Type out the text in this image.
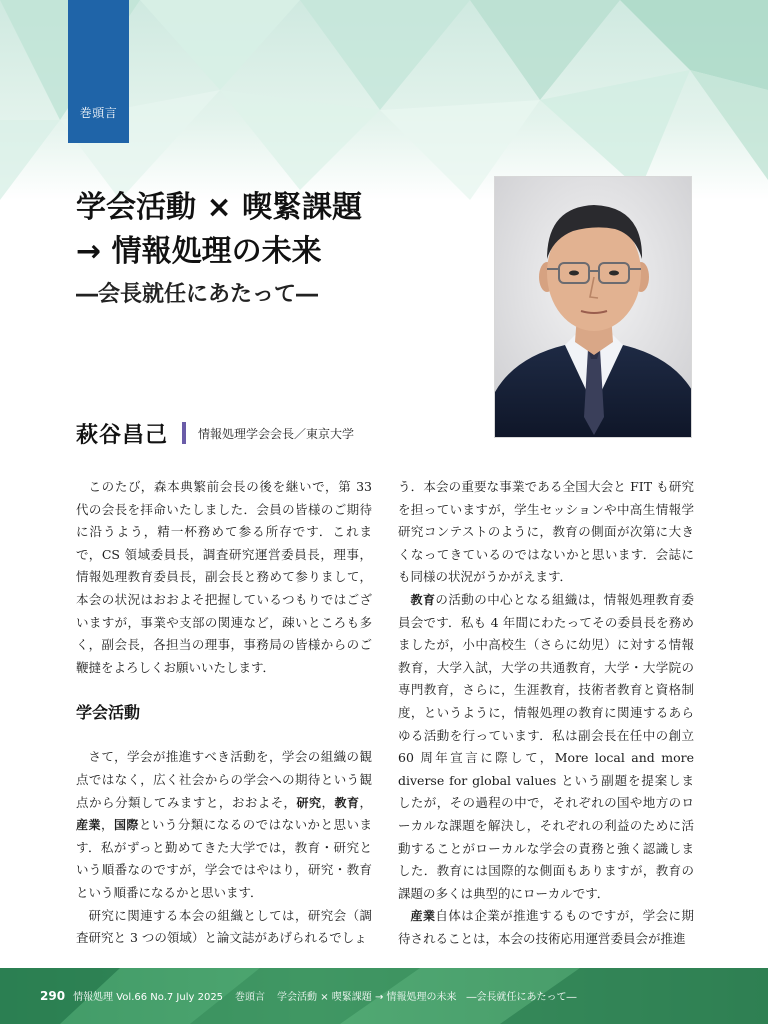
巻頭言
学会活動 × 喫緊課題
→ 情報処理の未来
―会長就任にあたって―
萩谷昌己	情報処理学会会長／東京大学

このたび，森本典繁前会長の後を継いで，第 33 代の会長を拝命いたしました．会員の皆様のご期待に沿うよう，精一杯務めて参る所存です．これまで，CS 領域委員長，調査研究運営委員長，理事，情報処理教育委員長，副会長と務めて参りまして，本会の状況はおおよそ把握しているつもりではございますが，事業や支部の関連など，疎いところも多く，副会長，各担当の理事，事務局の皆様からのご鞭撻をよろしくお願いいたします．

学会活動

さて，学会が推進すべき活動を，学会の組織の観点ではなく，広く社会からの学会への期待という観点から分類してみますと，おおよそ，研究，教育，産業，国際という分類になるのではないかと思います．私がずっと勤めてきた大学では，教育・研究という順番なのですが，学会ではやはり，研究・教育という順番になるかと思います．

研究に関連する本会の組織としては，研究会（調査研究と 3 つの領域）と論文誌があげられるでしょ

う．本会の重要な事業である全国大会と FIT も研究を担っていますが，学生セッションや中高生情報学研究コンテストのように，教育の側面が次第に大きくなってきているのではないかと思います．会誌にも同様の状況がうかがえます．

教育の活動の中心となる組織は，情報処理教育委員会です．私も 4 年間にわたってその委員長を務めましたが，小中高校生（さらに幼児）に対する情報教育，大学入試，大学の共通教育，大学・大学院の専門教育，さらに，生涯教育，技術者教育と資格制度，というように，情報処理の教育に関連するあらゆる活動を行っています．私は副会長在任中の創立 60 周年宣言に際して，More local and more diverse for global values という副題を提案しましたが，その過程の中で，それぞれの国や地方のローカルな課題を解決し，それぞれの利益のために活動することがローカルな学会の責務と強く認識しました．教育には国際的な側面もありますが，教育の課題の多くは典型的にローカルです．

産業自体は企業が推進するものですが，学会に期待されることは，本会の技術応用運営委員会が推進

290 情報処理 Vol.66 No.7 July 2025 巻頭言 学会活動 × 喫緊課題 → 情報処理の未来　―会長就任にあたって―
